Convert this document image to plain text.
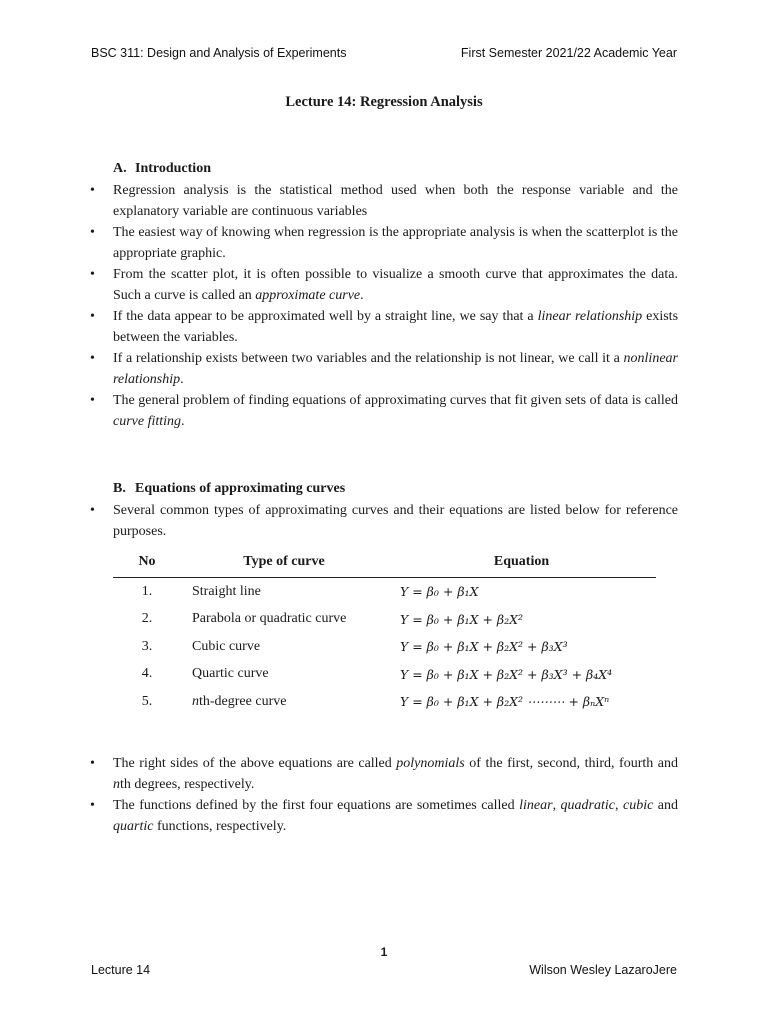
BSC 311: Design and Analysis of Experiments	First Semester 2021/22 Academic Year
Lecture 14: Regression Analysis
A. Introduction
• Regression analysis is the statistical method used when both the response variable and the explanatory variable are continuous variables
• The easiest way of knowing when regression is the appropriate analysis is when the scatterplot is the appropriate graphic.
• From the scatter plot, it is often possible to visualize a smooth curve that approximates the data. Such a curve is called an approximate curve.
• If the data appear to be approximated well by a straight line, we say that a linear relationship exists between the variables.
• If a relationship exists between two variables and the relationship is not linear, we call it a nonlinear relationship.
• The general problem of finding equations of approximating curves that fit given sets of data is called curve fitting.
B. Equations of approximating curves
• Several common types of approximating curves and their equations are listed below for reference purposes.
No	Type of curve	Equation
1.	Straight line	Y = β₀ + β₁X
2.	Parabola or quadratic curve	Y = β₀ + β₁X + β₂X²
3.	Cubic curve	Y = β₀ + β₁X + β₂X² + β₃X³
4.	Quartic curve	Y = β₀ + β₁X + β₂X² + β₃X³ + β₄X⁴
5.	nth-degree curve	Y = β₀ + β₁X + β₂X² ⋯⋯⋯ + βₙXⁿ
• The right sides of the above equations are called polynomials of the first, second, third, fourth and nth degrees, respectively.
• The functions defined by the first four equations are sometimes called linear, quadratic, cubic and quartic functions, respectively.
1
Lecture 14	Wilson Wesley LazaroJere
